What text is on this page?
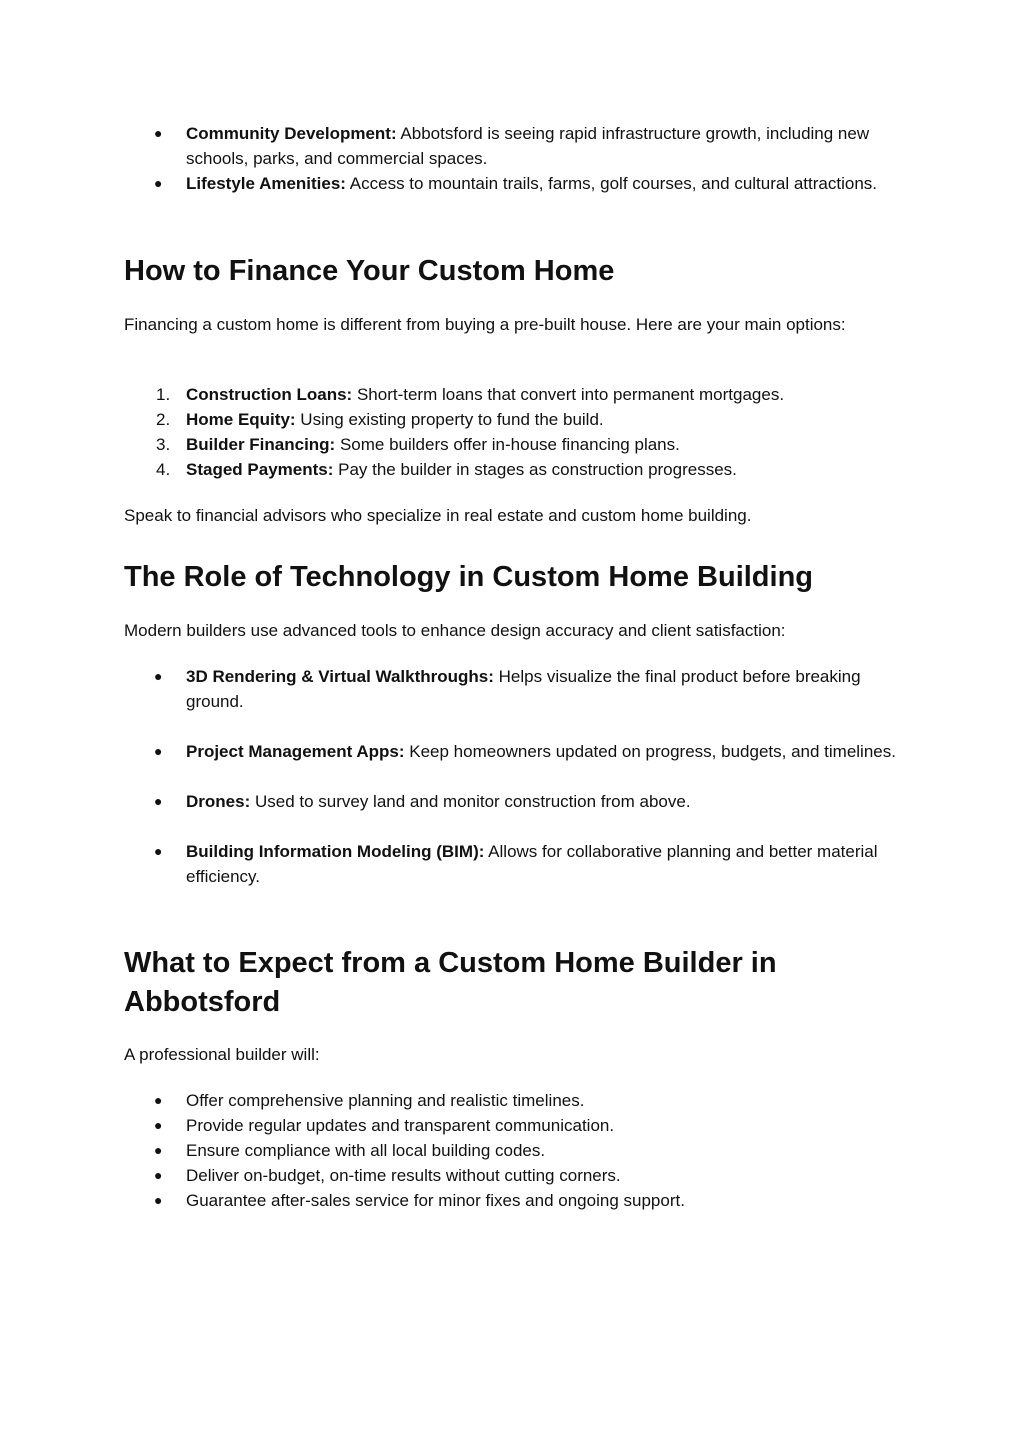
●	Community Development: Abbotsford is seeing rapid infrastructure growth, including new schools, parks, and commercial spaces.
●	Lifestyle Amenities: Access to mountain trails, farms, golf courses, and cultural attractions.
How to Finance Your Custom Home

Financing a custom home is different from buying a pre-built house. Here are your main options:

1. Construction Loans: Short-term loans that convert into permanent mortgages.
2. Home Equity: Using existing property to fund the build.
3. Builder Financing: Some builders offer in-house financing plans.
4. Staged Payments: Pay the builder in stages as construction progresses.

Speak to financial advisors who specialize in real estate and custom home building.

The Role of Technology in Custom Home Building

Modern builders use advanced tools to enhance design accuracy and client satisfaction:

●	3D Rendering & Virtual Walkthroughs: Helps visualize the final product before breaking ground.
●	Project Management Apps: Keep homeowners updated on progress, budgets, and timelines.
●	Drones: Used to survey land and monitor construction from above.
●	Building Information Modeling (BIM): Allows for collaborative planning and better material efficiency.
What to Expect from a Custom Home Builder in Abbotsford

A professional builder will:

●	Offer comprehensive planning and realistic timelines.
●	Provide regular updates and transparent communication.
●	Ensure compliance with all local building codes.
●	Deliver on-budget, on-time results without cutting corners.
●	Guarantee after-sales service for minor fixes and ongoing support.
